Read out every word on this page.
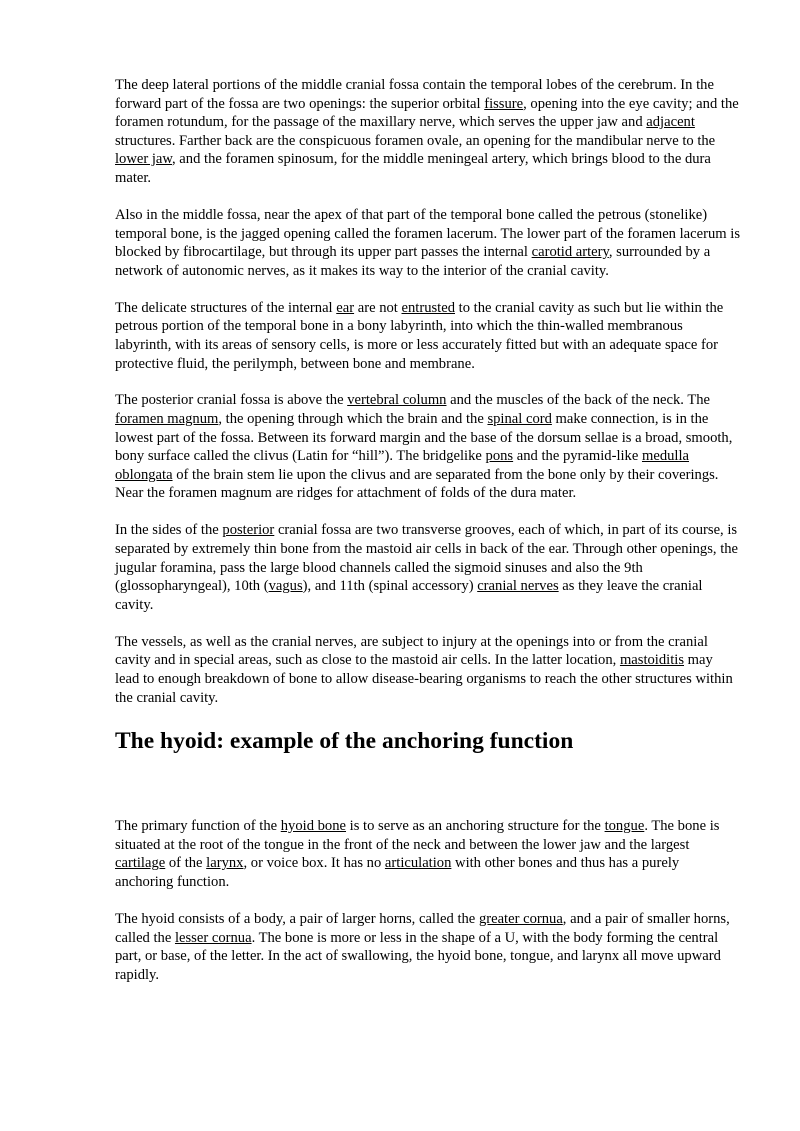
The deep lateral portions of the middle cranial fossa contain the temporal lobes of the cerebrum. In the forward part of the fossa are two openings: the superior orbital fissure, opening into the eye cavity; and the foramen rotundum, for the passage of the maxillary nerve, which serves the upper jaw and adjacent structures. Farther back are the conspicuous foramen ovale, an opening for the mandibular nerve to the lower jaw, and the foramen spinosum, for the middle meningeal artery, which brings blood to the dura mater.

Also in the middle fossa, near the apex of that part of the temporal bone called the petrous (stonelike) temporal bone, is the jagged opening called the foramen lacerum. The lower part of the foramen lacerum is blocked by fibrocartilage, but through its upper part passes the internal carotid artery, surrounded by a network of autonomic nerves, as it makes its way to the interior of the cranial cavity.

The delicate structures of the internal ear are not entrusted to the cranial cavity as such but lie within the petrous portion of the temporal bone in a bony labyrinth, into which the thin-walled membranous labyrinth, with its areas of sensory cells, is more or less accurately fitted but with an adequate space for protective fluid, the perilymph, between bone and membrane.

The posterior cranial fossa is above the vertebral column and the muscles of the back of the neck. The foramen magnum, the opening through which the brain and the spinal cord make connection, is in the lowest part of the fossa. Between its forward margin and the base of the dorsum sellae is a broad, smooth, bony surface called the clivus (Latin for “hill”). The bridgelike pons and the pyramid-like medulla oblongata of the brain stem lie upon the clivus and are separated from the bone only by their coverings. Near the foramen magnum are ridges for attachment of folds of the dura mater.

In the sides of the posterior cranial fossa are two transverse grooves, each of which, in part of its course, is separated by extremely thin bone from the mastoid air cells in back of the ear. Through other openings, the jugular foramina, pass the large blood channels called the sigmoid sinuses and also the 9th (glossopharyngeal), 10th (vagus), and 11th (spinal accessory) cranial nerves as they leave the cranial cavity.

The vessels, as well as the cranial nerves, are subject to injury at the openings into or from the cranial cavity and in special areas, such as close to the mastoid air cells. In the latter location, mastoiditis may lead to enough breakdown of bone to allow disease-bearing organisms to reach the other structures within the cranial cavity.

The hyoid: example of the anchoring function

The primary function of the hyoid bone is to serve as an anchoring structure for the tongue. The bone is situated at the root of the tongue in the front of the neck and between the lower jaw and the largest cartilage of the larynx, or voice box. It has no articulation with other bones and thus has a purely anchoring function.

The hyoid consists of a body, a pair of larger horns, called the greater cornua, and a pair of smaller horns, called the lesser cornua. The bone is more or less in the shape of a U, with the body forming the central part, or base, of the letter. In the act of swallowing, the hyoid bone, tongue, and larynx all move upward rapidly.
